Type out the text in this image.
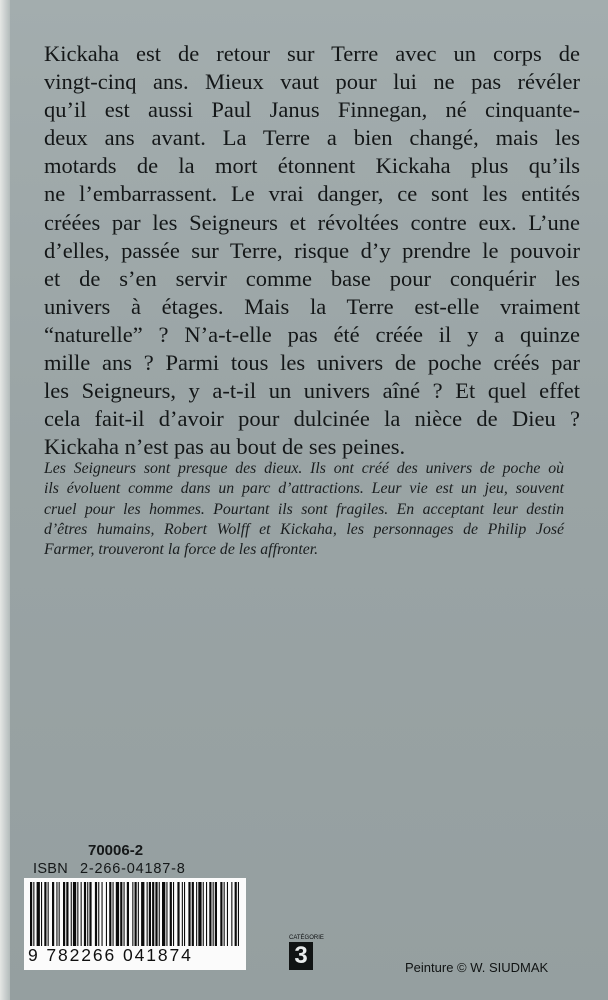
Kickaha est de retour sur Terre avec un corps de
vingt-cinq ans. Mieux vaut pour lui ne pas révéler
qu’il est aussi Paul Janus Finnegan, né cinquante-
deux ans avant. La Terre a bien changé, mais les
motards de la mort étonnent Kickaha plus qu’ils
ne l’embarrassent. Le vrai danger, ce sont les entités
créées par les Seigneurs et révoltées contre eux. L’une
d’elles, passée sur Terre, risque d’y prendre le pouvoir
et de s’en servir comme base pour conquérir les
univers à étages. Mais la Terre est-elle vraiment
“naturelle” ? N’a-t-elle pas été créée il y a quinze
mille ans ? Parmi tous les univers de poche créés par
les Seigneurs, y a-t-il un univers aîné ? Et quel effet
cela fait-il d’avoir pour dulcinée la nièce de Dieu ?
Kickaha n’est pas au bout de ses peines.
Les Seigneurs sont presque des dieux. Ils ont créé des univers de poche où
ils évoluent comme dans un parc d’attractions. Leur vie est un jeu, souvent
cruel pour les hommes. Pourtant ils sont fragiles. En acceptant leur destin
d’êtres humains, Robert Wolff et Kickaha, les personnages de Philip José
Farmer, trouveront la force de les affronter.
70006-2
ISBN 2-266-04187-8
9 782266 041874
CATÉGORIE
3	Peinture © W. SIUDMAK
